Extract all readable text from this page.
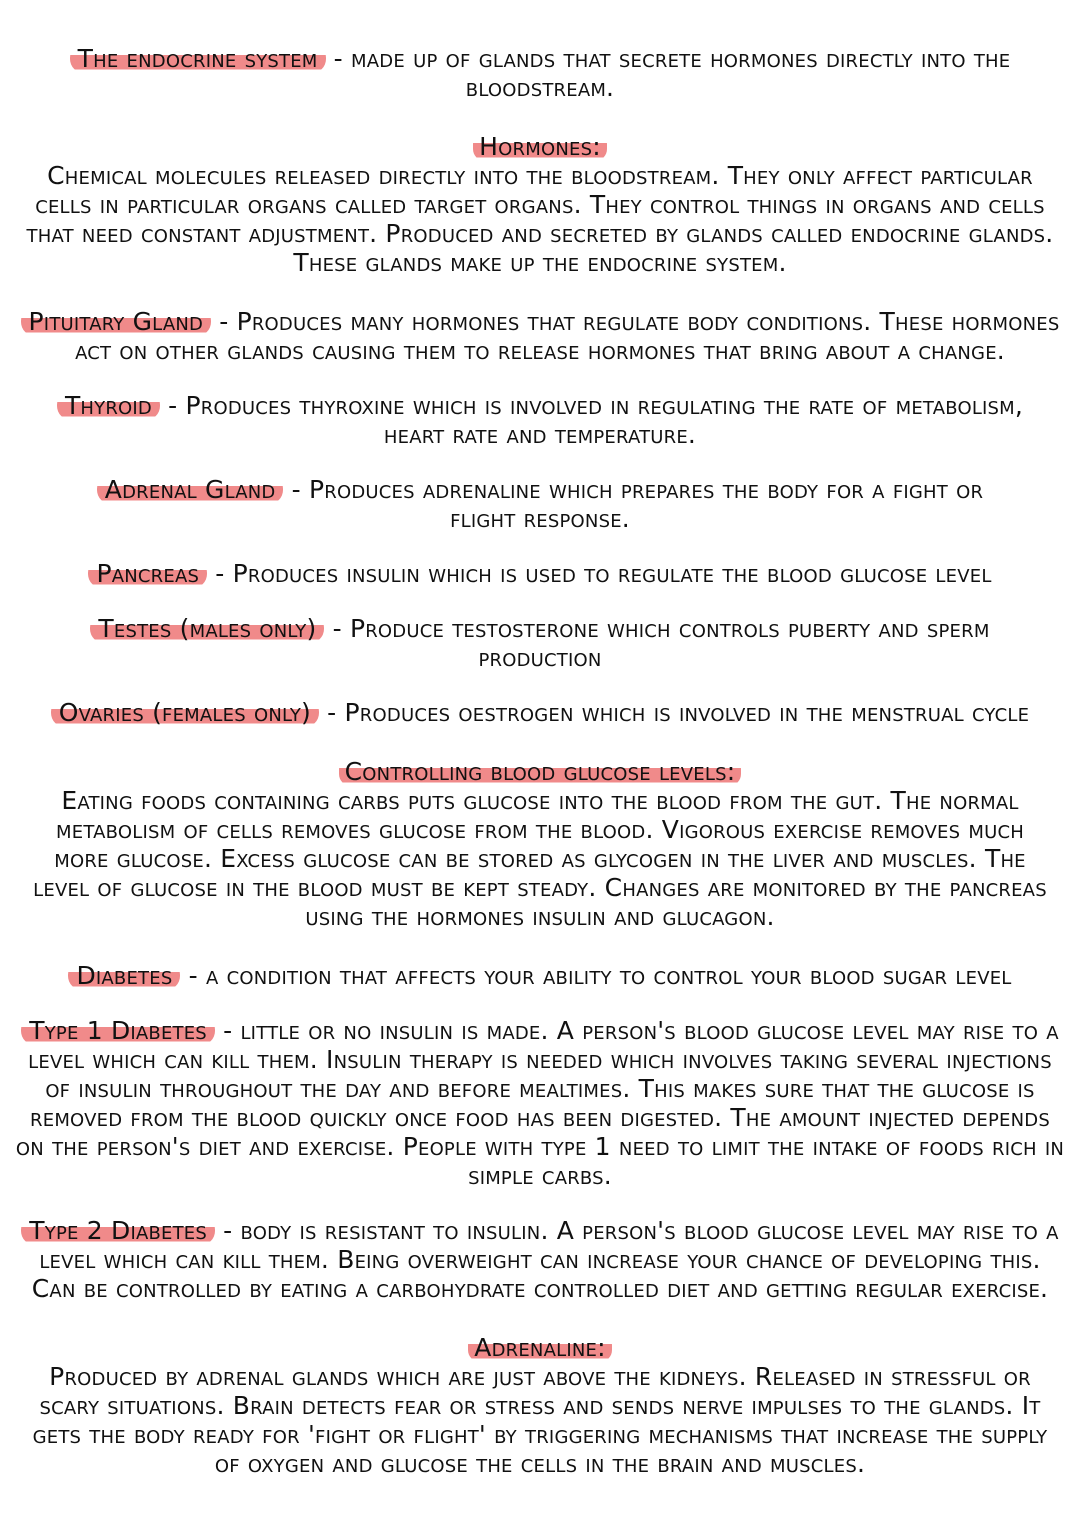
The endocrine system - made up of glands that secrete hormones directly into the bloodstream.
Hormones:
Chemical molecules released directly into the bloodstream. They only affect particular cells in particular organs called target organs. They control things in organs and cells that need constant adjustment. Produced and secreted by glands called endocrine glands. These glands make up the endocrine system.
Pituitary Gland - Produces many hormones that regulate body conditions. These hormones act on other glands causing them to release hormones that bring about a change.
Thyroid - Produces thyroxine which is involved in regulating the rate of metabolism, heart rate and temperature.
Adrenal Gland - Produces adrenaline which prepares the body for a fight or flight response.
Pancreas - Produces insulin which is used to regulate the blood glucose level
Testes (males only) - Produce testosterone which controls puberty and sperm production
Ovaries (females only) - Produces oestrogen which is involved in the menstrual cycle
Controlling blood glucose levels:
Eating foods containing carbs puts glucose into the blood from the gut. The normal metabolism of cells removes glucose from the blood. Vigorous exercise removes much more glucose. Excess glucose can be stored as glycogen in the liver and muscles. The level of glucose in the blood must be kept steady. Changes are monitored by the pancreas using the hormones insulin and glucagon.
Diabetes - a condition that affects your ability to control your blood sugar level
Type 1 Diabetes - little or no insulin is made. A person's blood glucose level may rise to a level which can kill them. Insulin therapy is needed which involves taking several injections of insulin throughout the day and before mealtimes. This makes sure that the glucose is removed from the blood quickly once food has been digested. The amount injected depends on the person's diet and exercise. People with type 1 need to limit the intake of foods rich in simple carbs.
Type 2 Diabetes - body is resistant to insulin. A person's blood glucose level may rise to a level which can kill them. Being overweight can increase your chance of developing this. Can be controlled by eating a carbohydrate controlled diet and getting regular exercise.
Adrenaline:
Produced by adrenal glands which are just above the kidneys. Released in stressful or scary situations. Brain detects fear or stress and sends nerve impulses to the glands. It gets the body ready for 'fight or flight' by triggering mechanisms that increase the supply of oxygen and glucose the cells in the brain and muscles.
